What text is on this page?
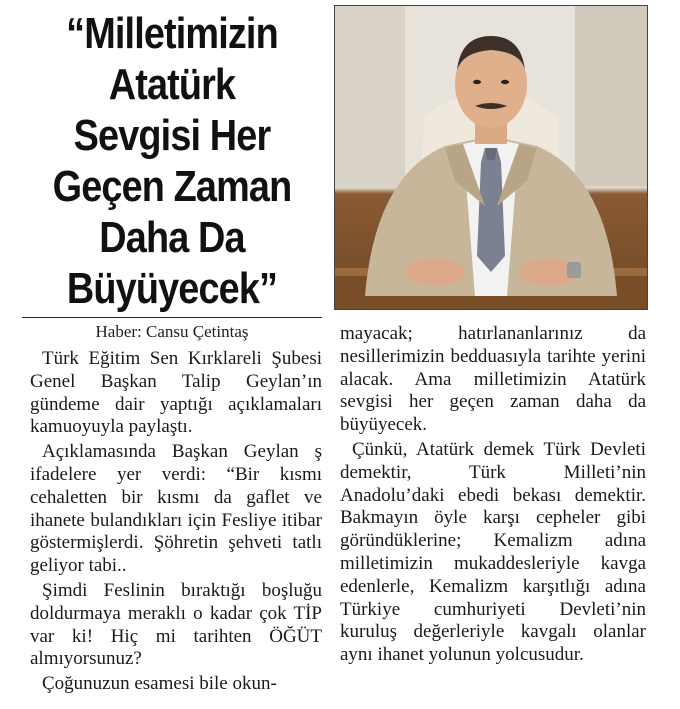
“Milletimizin Atatürk Sevgisi Her Geçen Zaman Daha Da Büyüyecek”
Haber: Cansu Çetintaş

Türk Eğitim Sen Kırklareli Şubesi Genel Başkan Talip Geylan’ın gündeme dair yaptığı açıklamaları kamuoyuyla paylaştı.

Açıklamasında Başkan Geylan ş ifadelere yer verdi: “Bir kısmı cehaletten bir kısmı da gaflet ve ihanete bulandıkları için Fesliye itibar göstermişlerdi. Şöhretin şehveti tatlı geliyor tabi..

Şimdi Feslinin bıraktığı boşluğu doldurmaya meraklı o kadar çok TİP var ki! Hiç mi tarihten ÖĞÜT almıyorsunuz?

Çoğunuzun esamesi bile okun-

mayacak; hatırlananlarınız da nesillerimizin bedduasıyla tarihte yerini alacak. Ama milletimizin Atatürk sevgisi her geçen zaman daha da büyüyecek.

Çünkü, Atatürk demek Türk Devleti demektir, Türk Milleti’nin Anadolu’daki ebedi bekası demektir. Bakmayın öyle karşı cepheler gibi göründüklerine; Kemalizm adına milletimizin mukaddesleriyle kavga edenlerle, Kemalizm karşıtlığı adına Türkiye cumhuriyeti Devleti’nin kuruluş değerleriyle kavgalı olanlar aynı ihanet yolunun yolcusudur.
